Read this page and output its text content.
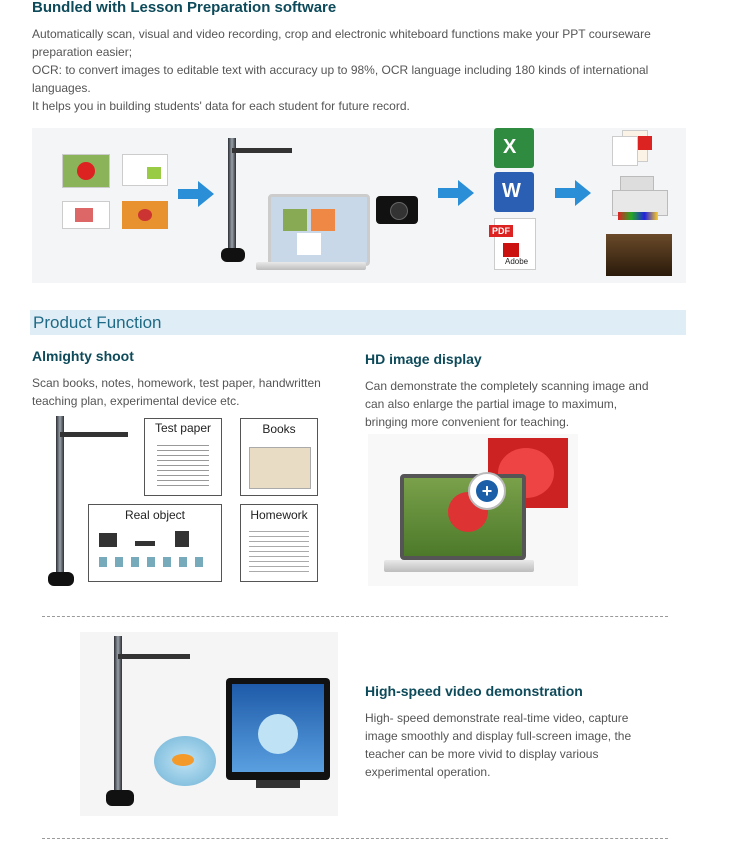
Bundled with Lesson Preparation software
Automatically scan, visual and video recording, crop and electronic whiteboard functions make your PPT courseware
preparation easier;
OCR: to convert images to editable text with accuracy up to 98%, OCR language including 180 kinds of international
languages.
It helps you in building students' data for each student for future record.
X
W
PDF
Adobe
Product Function
Almighty shoot
Scan books, notes, homework, test paper, handwritten
teaching plan, experimental device etc.
Test paper	Books
Real object	Homework
HD image display
Can demonstrate the completely scanning image and
can also enlarge the partial image to maximum,
bringing more convenient for teaching.
+
High-speed video demonstration
High- speed demonstrate real-time video, capture
image smoothly and display full-screen image, the
teacher can be more vivid to display various
experimental operation.
